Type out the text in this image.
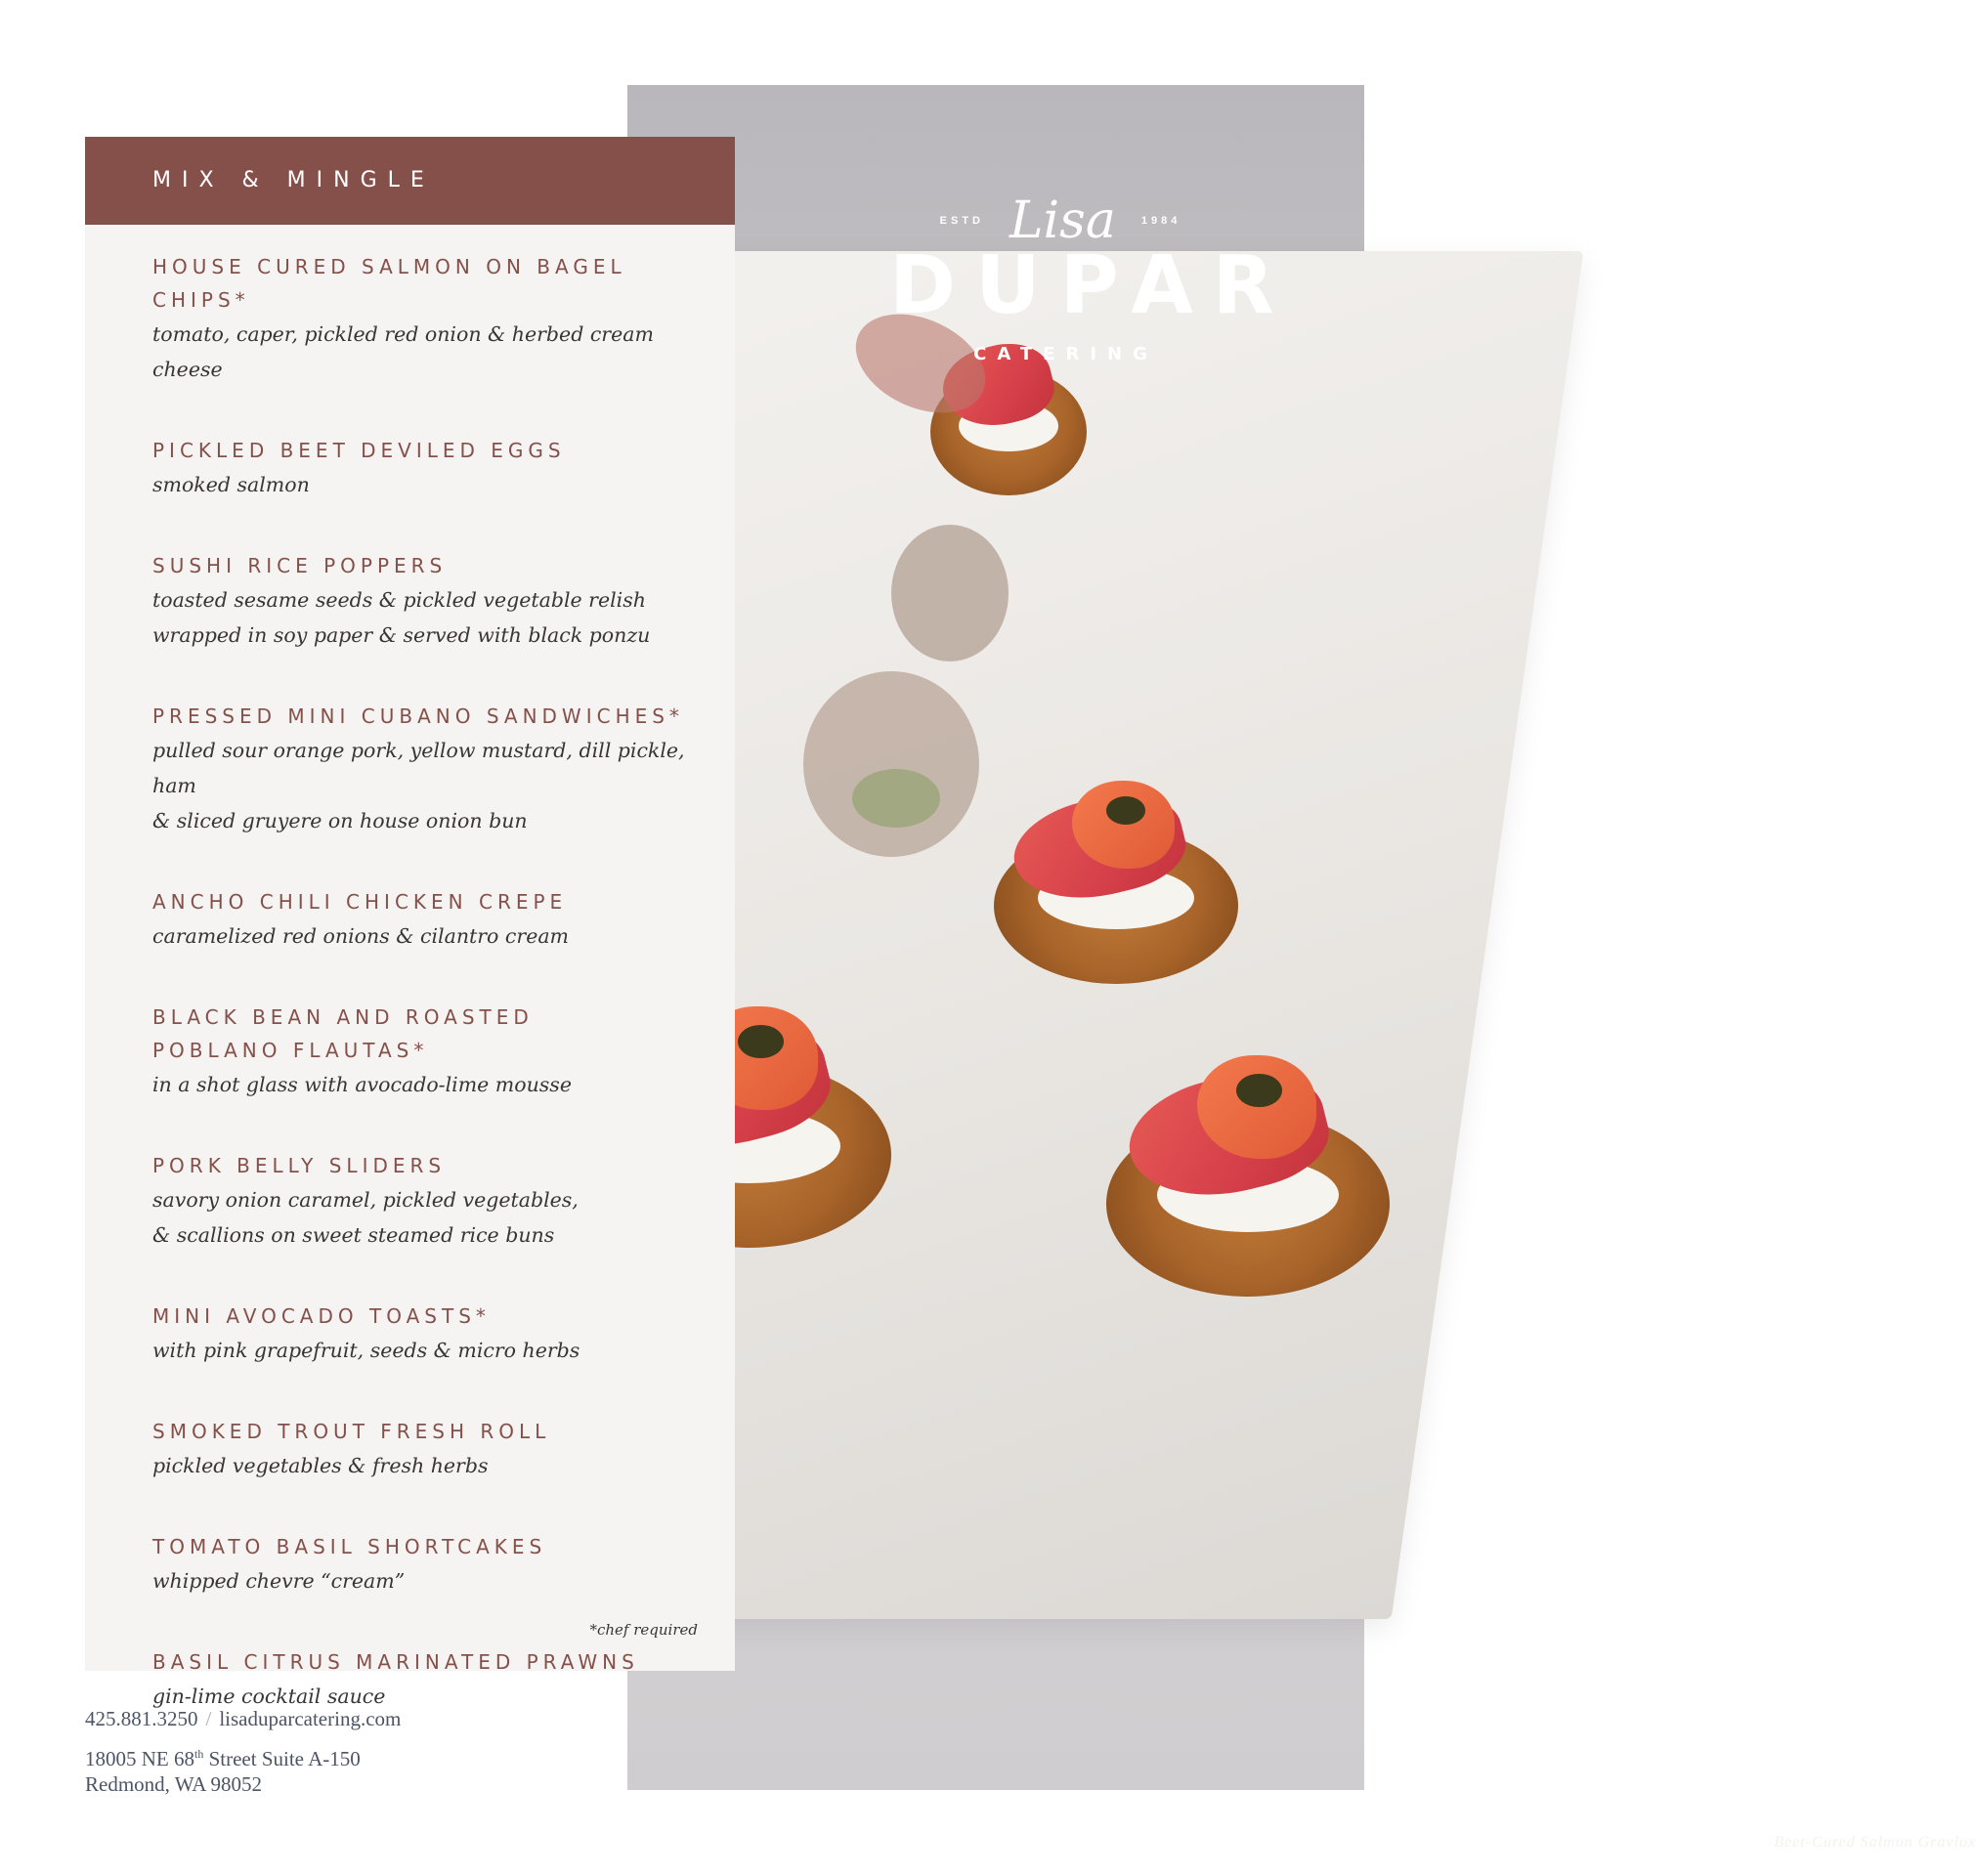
Beet-Cured Salmon Gravlox
ESTD Lisa 1984
DUPAR
CATERING
MIX & MINGLE
HOUSE CURED SALMON ON BAGEL CHIPS*
tomato, caper, pickled red onion & herbed cream cheese
PICKLED BEET DEVILED EGGS
smoked salmon
SUSHI RICE POPPERS
toasted sesame seeds & pickled vegetable relish
wrapped in soy paper & served with black ponzu
PRESSED MINI CUBANO SANDWICHES*
pulled sour orange pork, yellow mustard, dill pickle, ham
& sliced gruyere on house onion bun
ANCHO CHILI CHICKEN CREPE
caramelized red onions & cilantro cream
BLACK BEAN AND ROASTED
POBLANO FLAUTAS*
in a shot glass with avocado-lime mousse
PORK BELLY SLIDERS
savory onion caramel, pickled vegetables,
& scallions on sweet steamed rice buns
MINI AVOCADO TOASTS*
with pink grapefruit, seeds & micro herbs
SMOKED TROUT FRESH ROLL
pickled vegetables & fresh herbs
TOMATO BASIL SHORTCAKES
whipped chevre “cream”
BASIL CITRUS MARINATED PRAWNS
gin-lime cocktail sauce
*chef required
425.881.3250 / lisaduparcatering.com
18005 NE 68th Street Suite A-150
Redmond, WA 98052
